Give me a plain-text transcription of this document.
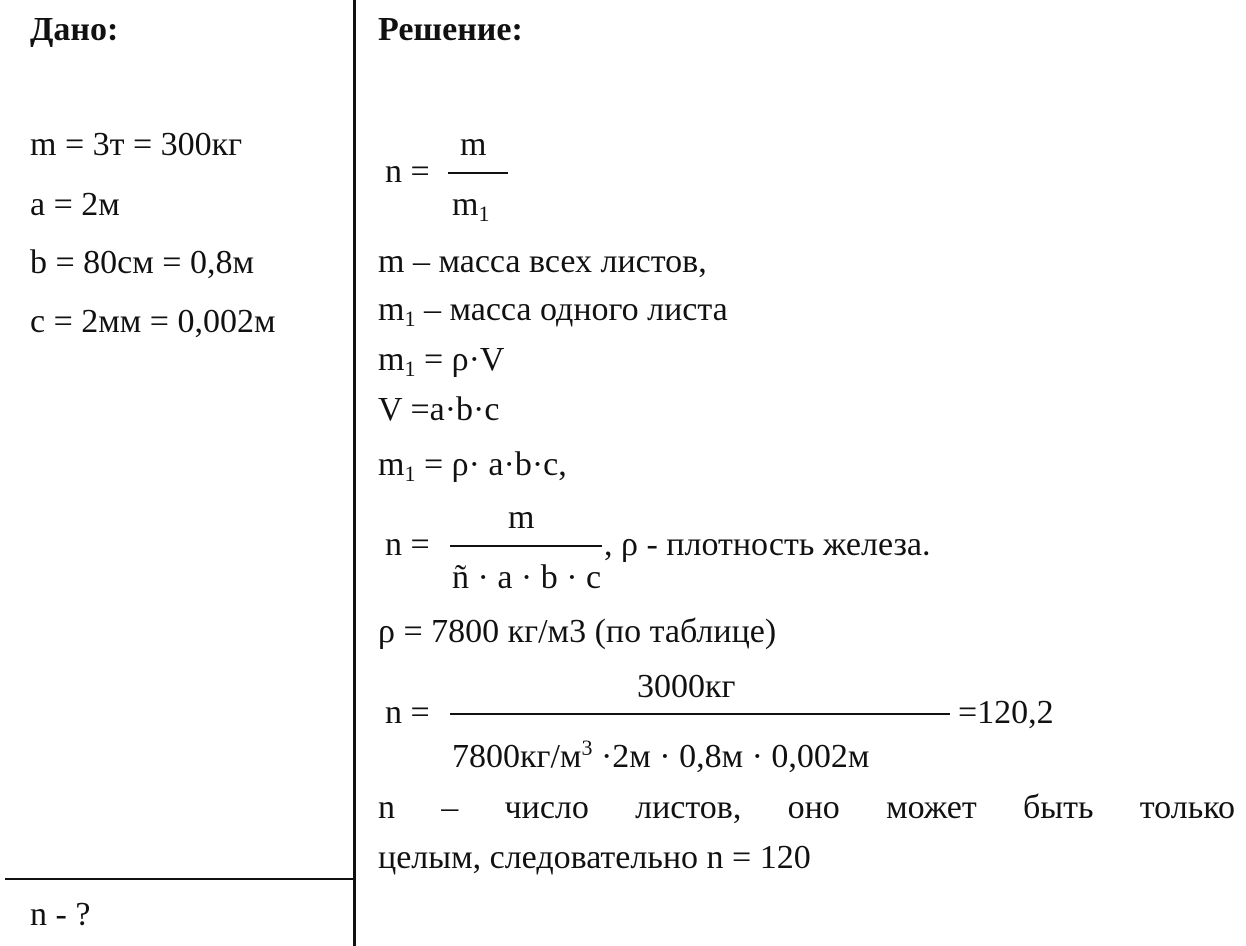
Дано:
m = 3т = 300кг
a = 2м
b = 80см = 0,8м
c = 2мм = 0,002м
n - ?
Решение:
n =
m
$m_1$
m – масса всех листов,
$m_1$ – масса одного листа
$m_1 = \rho\cdot V$
V =a·b·c
$m_1 = \rho\cdot a\cdot b\cdot c$,
n =
m
ñ · a · b · c
, ρ - плотность железа.
ρ = 7800 кг/м3 (по таблице)
n =
3000кг
$7800кг/м^3 \cdot 2м \cdot 0,8м \cdot 0,002м$
=120,2
n – число листов, оно может быть только
целым, следовательно n = 120
